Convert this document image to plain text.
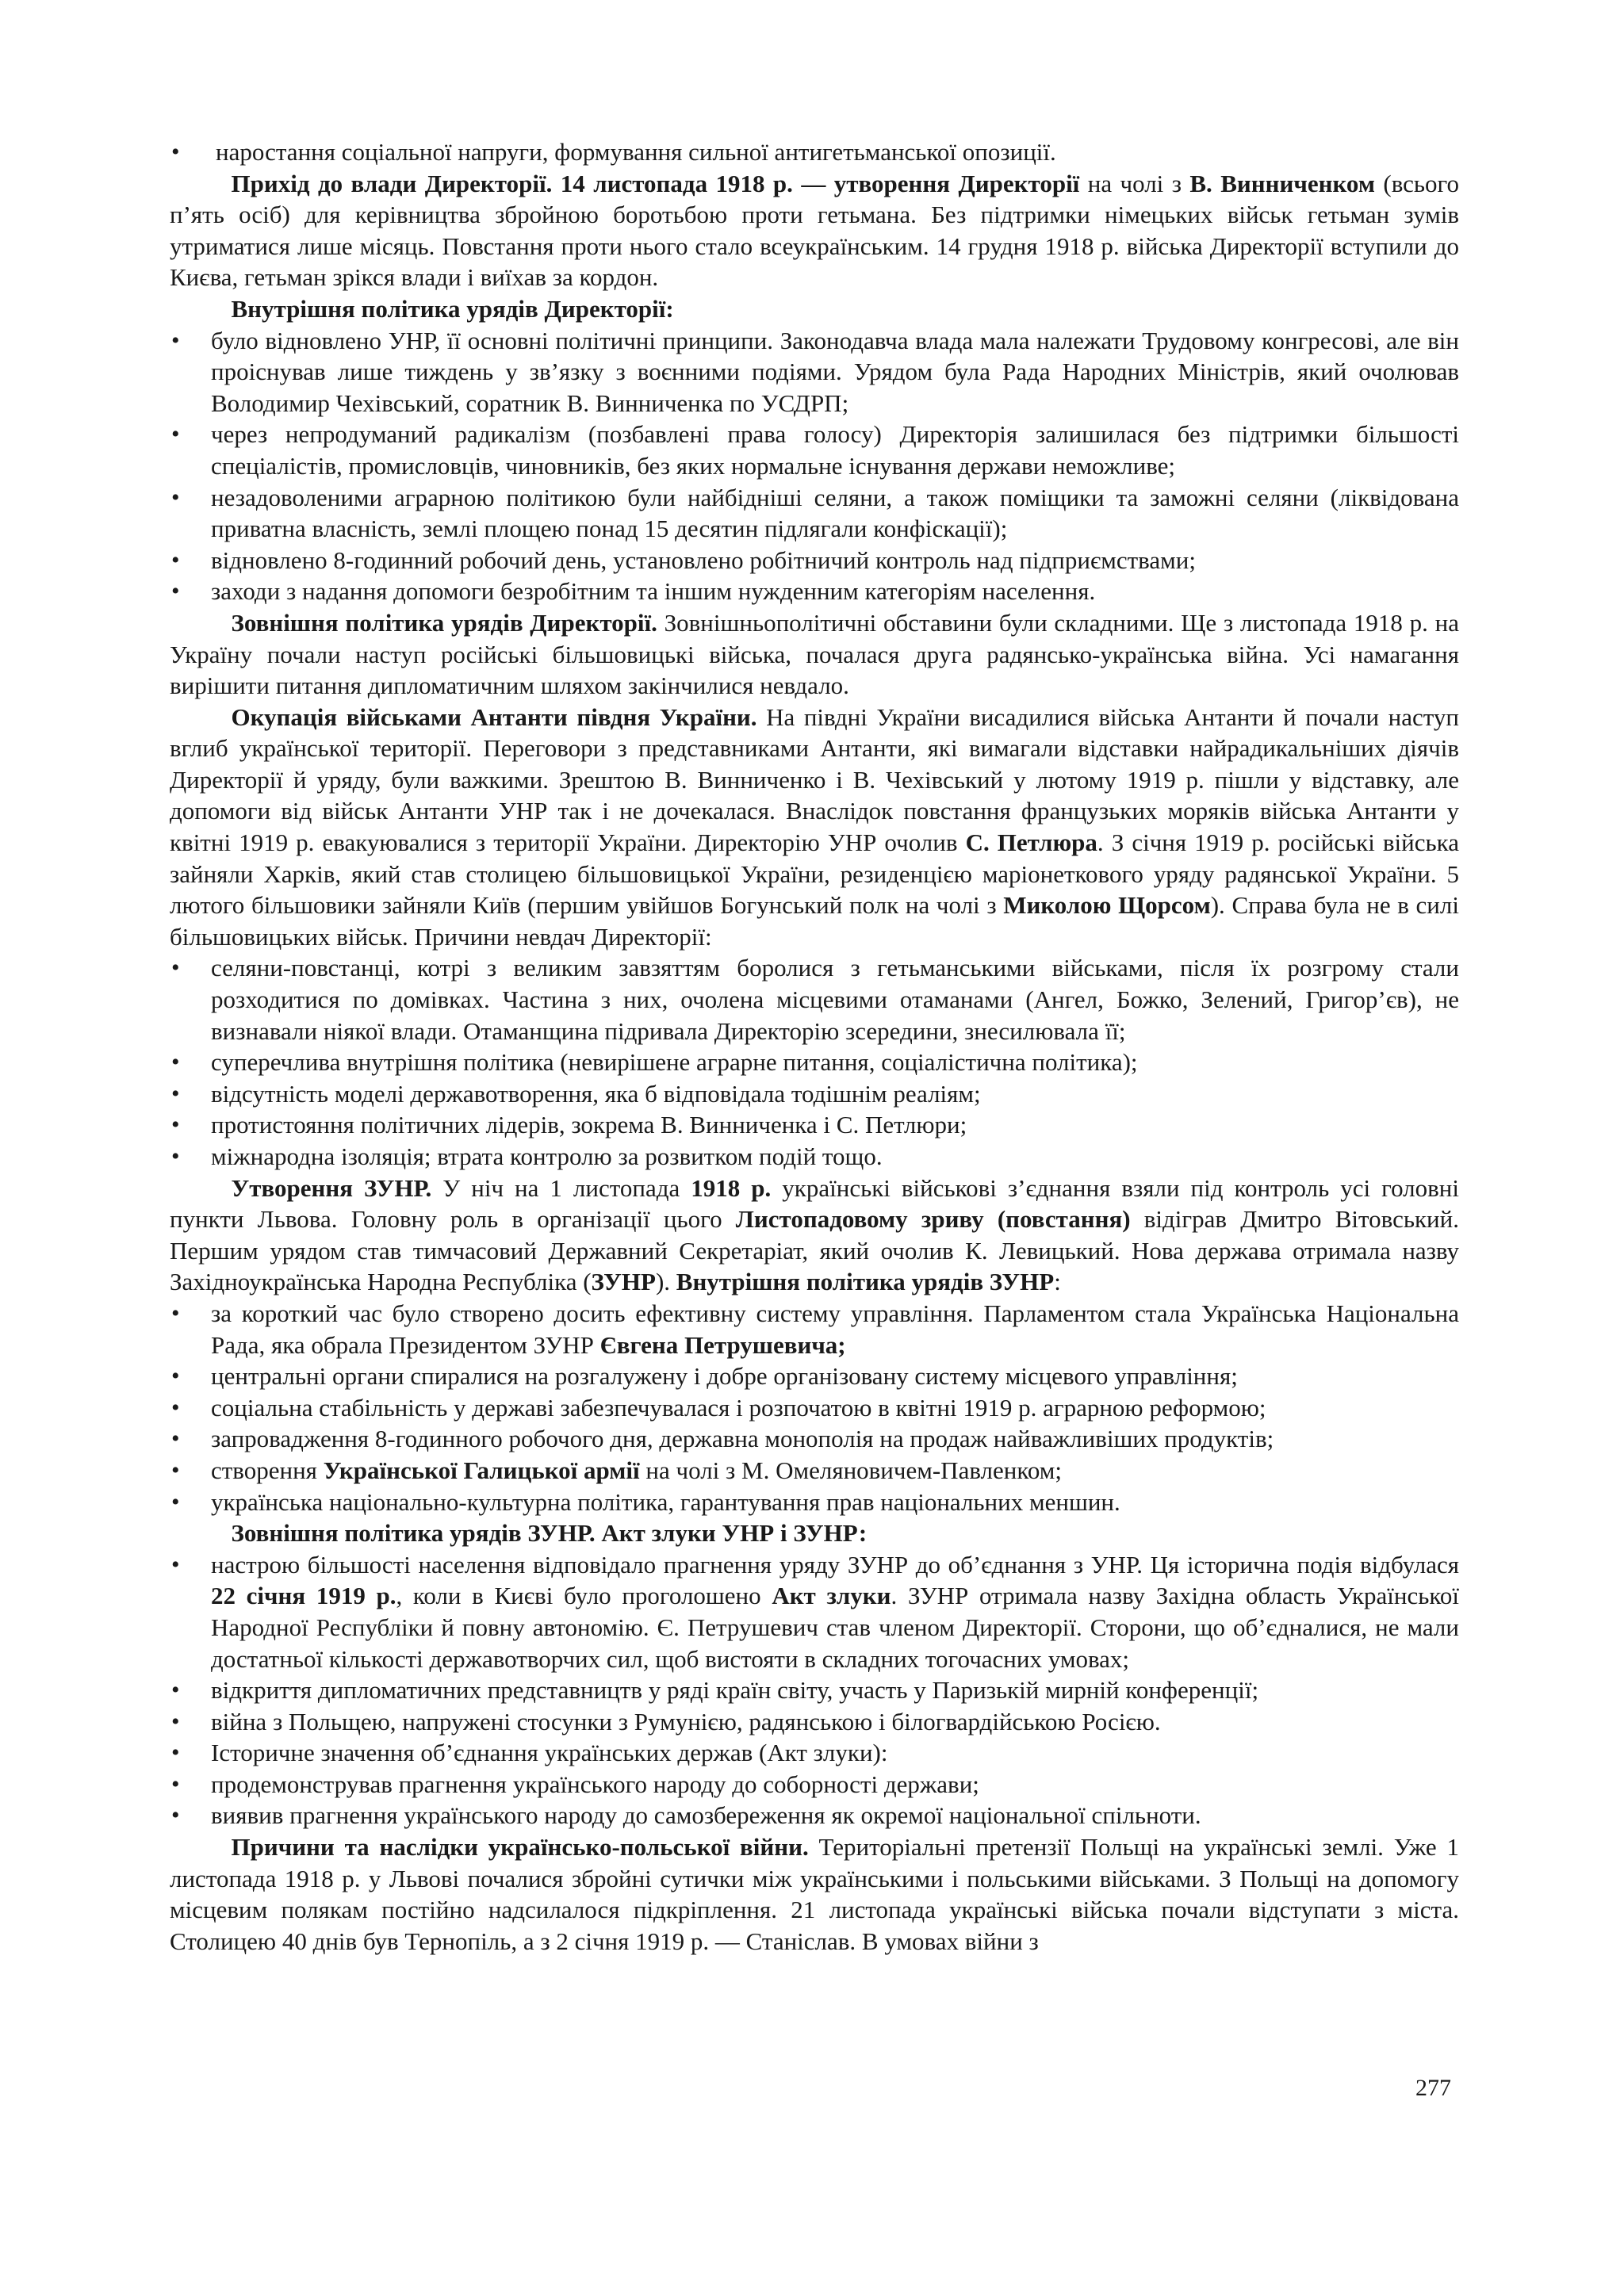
• наростання соціальної напруги, формування сильної антигетьманської опозиції.

Прихід до влади Директорії. 14 листопада 1918 р. — утворення Директорії на чолі з В. Винниченком (всього п’ять осіб) для керівництва збройною боротьбою проти гетьмана. Без підтримки німецьких військ гетьман зумів утриматися лише місяць. Повстання проти нього стало всеукраїнським. 14 грудня 1918 р. війська Директорії вступили до Києва, гетьман зрікся влади і виїхав за кордон.

Внутрішня політика урядів Директорії:

• було відновлено УНР, її основні політичні принципи. Законодавча влада мала належати Трудовому конгресові, але він проіснував лише тиждень у зв’язку з воєнними подіями. Урядом була Рада Народних Міністрів, який очолював Володимир Чехівський, соратник В. Винниченка по УСДРП;
• через непродуманий радикалізм (позбавлені права голосу) Директорія залишилася без підтримки більшості спеціалістів, промисловців, чиновників, без яких нормальне існування держави неможливе;
• незадоволеними аграрною політикою були найбідніші селяни, а також поміщики та заможні селяни (ліквідована приватна власність, землі площею понад 15 десятин підлягали конфіскації);
• відновлено 8-годинний робочий день, установлено робітничий контроль над підприємствами;
• заходи з надання допомоги безробітним та іншим нужденним категоріям населення.

Зовнішня політика урядів Директорії. Зовнішньополітичні обставини були складними. Ще з листопада 1918 р. на Україну почали наступ російські більшовицькі війська, почалася друга радянсько-українська війна. Усі намагання вирішити питання дипломатичним шляхом закінчилися невдало.

Окупація військами Антанти півдня України. На півдні України висадилися війська Антанти й почали наступ вглиб української території. Переговори з представниками Антанти, які вимагали відставки найрадикальніших діячів Директорії й уряду, були важкими. Зрештою В. Винниченко і В. Чехівський у лютому 1919 р. пішли у відставку, але допомоги від військ Антанти УНР так і не дочекалася. Внаслідок повстання французьких моряків війська Антанти у квітні 1919 р. евакуювалися з території України. Директорію УНР очолив С. Петлюра. З січня 1919 р. російські війська зайняли Харків, який став столицею більшовицької України, резиденцією маріонеткового уряду радянської України. 5 лютого більшовики зайняли Київ (першим увійшов Богунський полк на чолі з Миколою Щорсом). Справа була не в силі більшовицьких військ. Причини невдач Директорії:

• селяни-повстанці, котрі з великим завзяттям боролися з гетьманськими військами, після їх розгрому стали розходитися по домівках. Частина з них, очолена місцевими отаманами (Ангел, Божко, Зелений, Григор’єв), не визнавали ніякої влади. Отаманщина підривала Директорію зсередини, знесилювала її;
• суперечлива внутрішня політика (невирішене аграрне питання, соціалістична політика);
• відсутність моделі державотворення, яка б відповідала тодішнім реаліям;
• протистояння політичних лідерів, зокрема В. Винниченка і С. Петлюри;
• міжнародна ізоляція; втрата контролю за розвитком подій тощо.

Утворення ЗУНР. У ніч на 1 листопада 1918 р. українські військові з’єднання взяли під контроль усі головні пункти Львова. Головну роль в організації цього Листопадовому зриву (повстання) відіграв Дмитро Вітовський. Першим урядом став тимчасовий Державний Секретаріат, який очолив К. Левицький. Нова держава отримала назву Західноукраїнська Народна Республіка (ЗУНР). Внутрішня політика урядів ЗУНР:

• за короткий час було створено досить ефективну систему управління. Парламентом стала Українська Національна Рада, яка обрала Президентом ЗУНР Євгена Петрушевича;
• центральні органи спиралися на розгалужену і добре організовану систему місцевого управління;
• соціальна стабільність у державі забезпечувалася і розпочатою в квітні 1919 р. аграрною реформою;
• запровадження 8-годинного робочого дня, державна монополія на продаж найважливіших продуктів;
• створення Української Галицької армії на чолі з М. Омеляновичем-Павленком;
• українська національно-культурна політика, гарантування прав національних меншин.

Зовнішня політика урядів ЗУНР. Акт злуки УНР і ЗУНР:

• настрою більшості населення відповідало прагнення уряду ЗУНР до об’єднання з УНР. Ця історична подія відбулася 22 січня 1919 р., коли в Києві було проголошено Акт злуки. ЗУНР отримала назву Західна область Української Народної Республіки й повну автономію. Є. Петрушевич став членом Директорії. Сторони, що об’єдналися, не мали достатньої кількості державотворчих сил, щоб вистояти в складних тогочасних умовах;
• відкриття дипломатичних представництв у ряді країн світу, участь у Паризькій мирній конференції;
• війна з Польщею, напружені стосунки з Румунією, радянською і білогвардійською Росією.
• Історичне значення об’єднання українських держав (Акт злуки):
• продемонстрував прагнення українського народу до соборності держави;
• виявив прагнення українського народу до самозбереження як окремої національної спільноти.

Причини та наслідки українсько-польської війни. Територіальні претензії Польщі на українські землі. Уже 1 листопада 1918 р. у Львові почалися збройні сутички між українськими і польськими військами. З Польщі на допомогу місцевим полякам постійно надсилалося підкріплення. 21 листопада українські війська почали відступати з міста. Столицею 40 днів був Тернопіль, а з 2 січня 1919 р. — Станіслав. В умовах війни з

277
